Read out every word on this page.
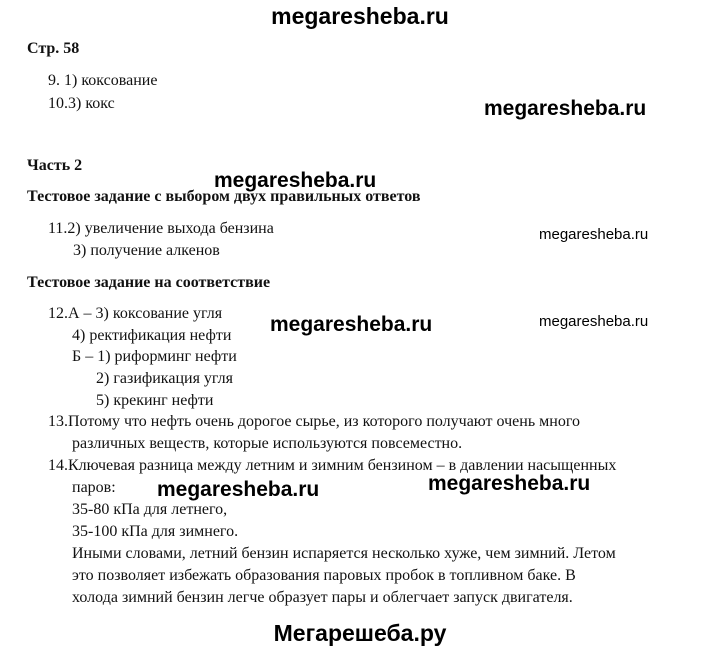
megaresheba.ru
megaresheba.ru
megaresheba.ru
megaresheba.ru
megaresheba.ru	megaresheba.ru
megaresheba.ru	megaresheba.ru
Мегарешеба.ру
Стр. 58
9. 1) коксование
10.3) кокс
Часть 2
Тестовое задание с выбором двух правильных ответов
11.2) увеличение выхода бензина
3) получение алкенов
Тестовое задание на соответствие
12.А – 3) коксование угля
4) ректификация нефти
Б – 1) риформинг нефти
2) газификация угля
5) крекинг нефти
13.Потому что нефть очень дорогое сырье, из которого получают очень много
различных веществ, которые используются повсеместно.
14.Ключевая разница между летним и зимним бензином – в давлении насыщенных
паров:
35-80 кПа для летнего,
35-100 кПа для зимнего.
Иными словами, летний бензин испаряется несколько хуже, чем зимний. Летом
это позволяет избежать образования паровых пробок в топливном баке. В
холода зимний бензин легче образует пары и облегчает запуск двигателя.
